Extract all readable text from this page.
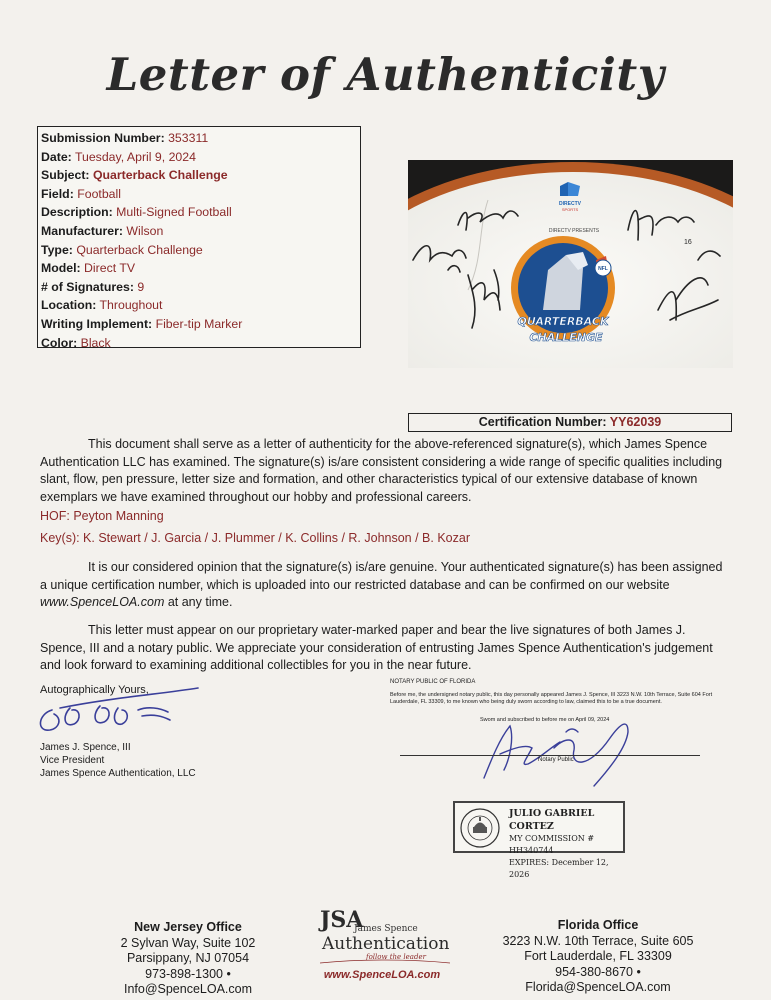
Letter of Authenticity
Submission Number: 353311
Date: Tuesday, April 9, 2024
Subject: Quarterback Challenge
Field: Football
Description: Multi-Signed Football
Manufacturer: Wilson
Type: Quarterback Challenge
Model: Direct TV
# of Signatures: 9
Location: Throughout
Writing Implement: Fiber-tip Marker
Color: Black
DIRECTV
SPORTS
DIRECTV PRESENTS
NFL
QUARTERBACK
CHALLENGE
16
Certification Number: YY62039
This document shall serve as a letter of authenticity for the above-referenced signature(s), which James Spence Authentication LLC has examined. The signature(s) is/are consistent considering a wide range of specific qualities including slant, flow, pen pressure, letter size and formation, and other characteristics typical of our extensive database of known exemplars we have examined throughout our hobby and professional careers.
HOF: Peyton Manning
Key(s): K. Stewart / J. Garcia / J. Plummer / K. Collins / R. Johnson / B. Kozar
It is our considered opinion that the signature(s) is/are genuine. Your authenticated signature(s) has been assigned a unique certification number, which is uploaded into our restricted database and can be confirmed on our website www.SpenceLOA.com at any time.
This letter must appear on our proprietary water-marked paper and bear the live signatures of both James J. Spence, III and a notary public. We appreciate your consideration of entrusting James Spence Authentication's judgement and look forward to examining additional collectibles for you in the near future.
Autographically Yours,
James J. Spence, III
Vice President
James Spence Authentication, LLC
NOTARY PUBLIC OF FLORIDA
Before me, the undersigned notary public, this day personally appeared James J. Spence, III 3223 N.W. 10th Terrace, Suite 604 Fort Lauderdale, FL 33309, to me known who being duly sworn according to law, claimed this to be a true document.
Swom and subscribed to before me on April 09, 2024
Notary Public
JULIO GABRIEL CORTEZ
MY COMMISSION # HH340744
EXPIRES: December 12, 2026
New Jersey Office
2 Sylvan Way, Suite 102
Parsippany, NJ 07054
973-898-1300 • Info@SpenceLOA.com
JSA
James Spence
Authentication
follow the leader
www.SpenceLOA.com
Florida Office
3223 N.W. 10th Terrace, Suite 605
Fort Lauderdale, FL 33309
954-380-8670 • Florida@SpenceLOA.com
